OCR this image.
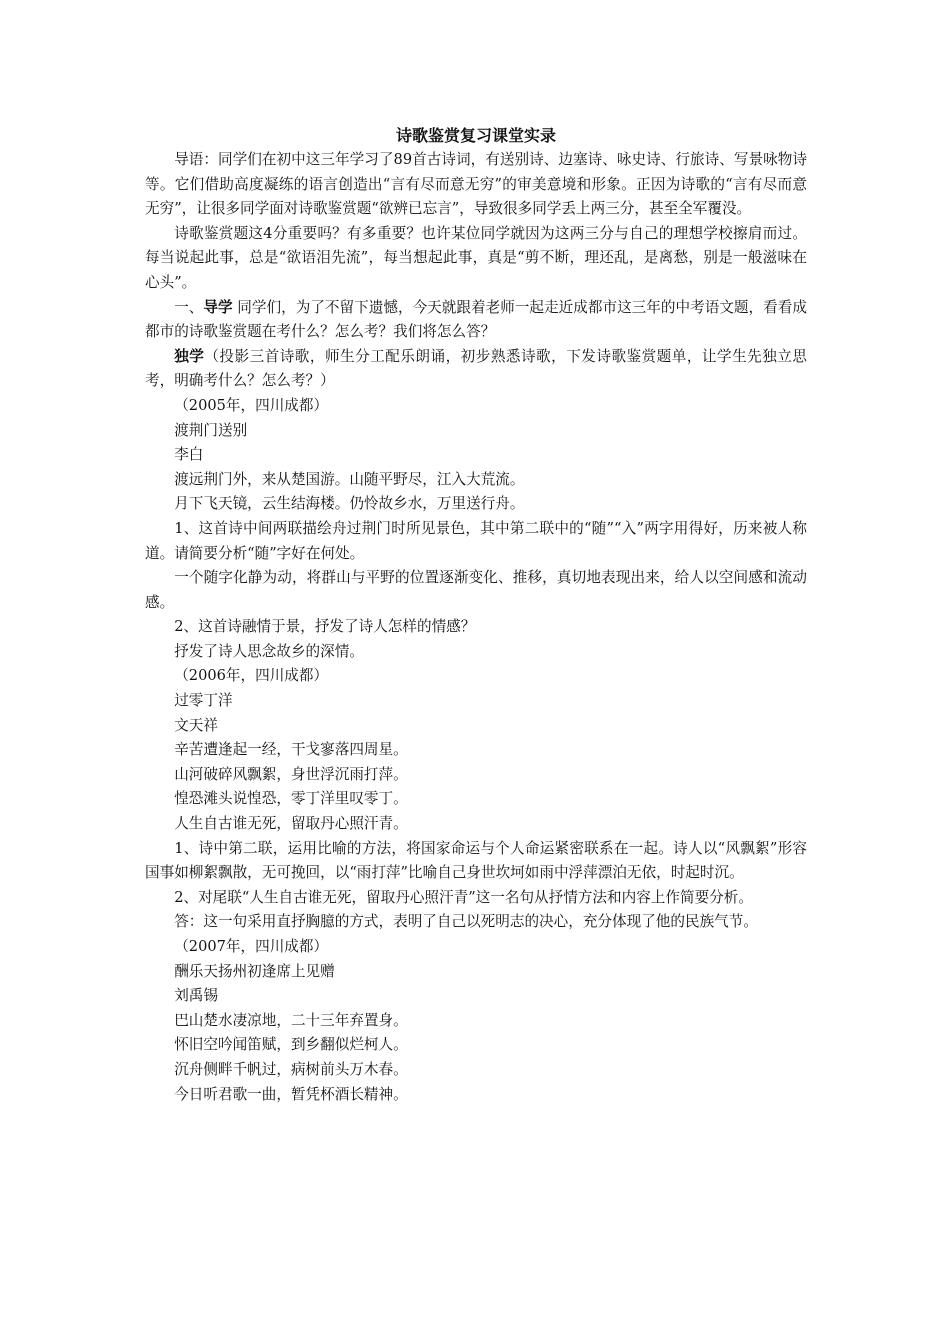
诗歌鉴赏复习课堂实录

导语：同学们在初中这三年学习了89首古诗词，有送别诗、边塞诗、咏史诗、行旅诗、写景咏物诗等。它们借助高度凝练的语言创造出“言有尽而意无穷”的审美意境和形象。正因为诗歌的“言有尽而意无穷”，让很多同学面对诗歌鉴赏题“欲辨已忘言”，导致很多同学丢上两三分，甚至全军覆没。

诗歌鉴赏题这4分重要吗？有多重要？也许某位同学就因为这两三分与自己的理想学校擦肩而过。每当说起此事，总是“欲语泪先流”，每当想起此事，真是“剪不断，理还乱，是离愁，别是一般滋味在心头”。

一、导学 同学们，为了不留下遗憾，今天就跟着老师一起走近成都市这三年的中考语文题，看看成都市的诗歌鉴赏题在考什么？怎么考？我们将怎么答？

独学（投影三首诗歌，师生分工配乐朗诵，初步熟悉诗歌，下发诗歌鉴赏题单，让学生先独立思考，明确考什么？怎么考？）

（2005年，四川成都）

渡荆门送别

李白

渡远荆门外，来从楚国游。山随平野尽，江入大荒流。

月下飞天镜，云生结海楼。仍怜故乡水，万里送行舟。

1、这首诗中间两联描绘舟过荆门时所见景色，其中第二联中的“随”“入”两字用得好，历来被人称道。请简要分析“随”字好在何处。

一个随字化静为动，将群山与平野的位置逐渐变化、推移，真切地表现出来，给人以空间感和流动感。

2、这首诗融情于景，抒发了诗人怎样的情感？

抒发了诗人思念故乡的深情。

（2006年，四川成都）

过零丁洋

文天祥

辛苦遭逢起一经，干戈寥落四周星。

山河破碎风飘絮，身世浮沉雨打萍。

惶恐滩头说惶恐，零丁洋里叹零丁。

人生自古谁无死，留取丹心照汗青。

1、诗中第二联，运用比喻的方法，将国家命运与个人命运紧密联系在一起。诗人以“风飘絮”形容国事如柳絮飘散，无可挽回，以“雨打萍”比喻自己身世坎坷如雨中浮萍漂泊无依，时起时沉。

2、对尾联“人生自古谁无死，留取丹心照汗青”这一名句从抒情方法和内容上作简要分析。

答：这一句采用直抒胸臆的方式，表明了自己以死明志的决心，充分体现了他的民族气节。

（2007年，四川成都）

酬乐天扬州初逢席上见赠

刘禹锡

巴山楚水凄凉地，二十三年弃置身。

怀旧空吟闻笛赋，到乡翻似烂柯人。

沉舟侧畔千帆过，病树前头万木春。

今日听君歌一曲，暂凭杯酒长精神。
